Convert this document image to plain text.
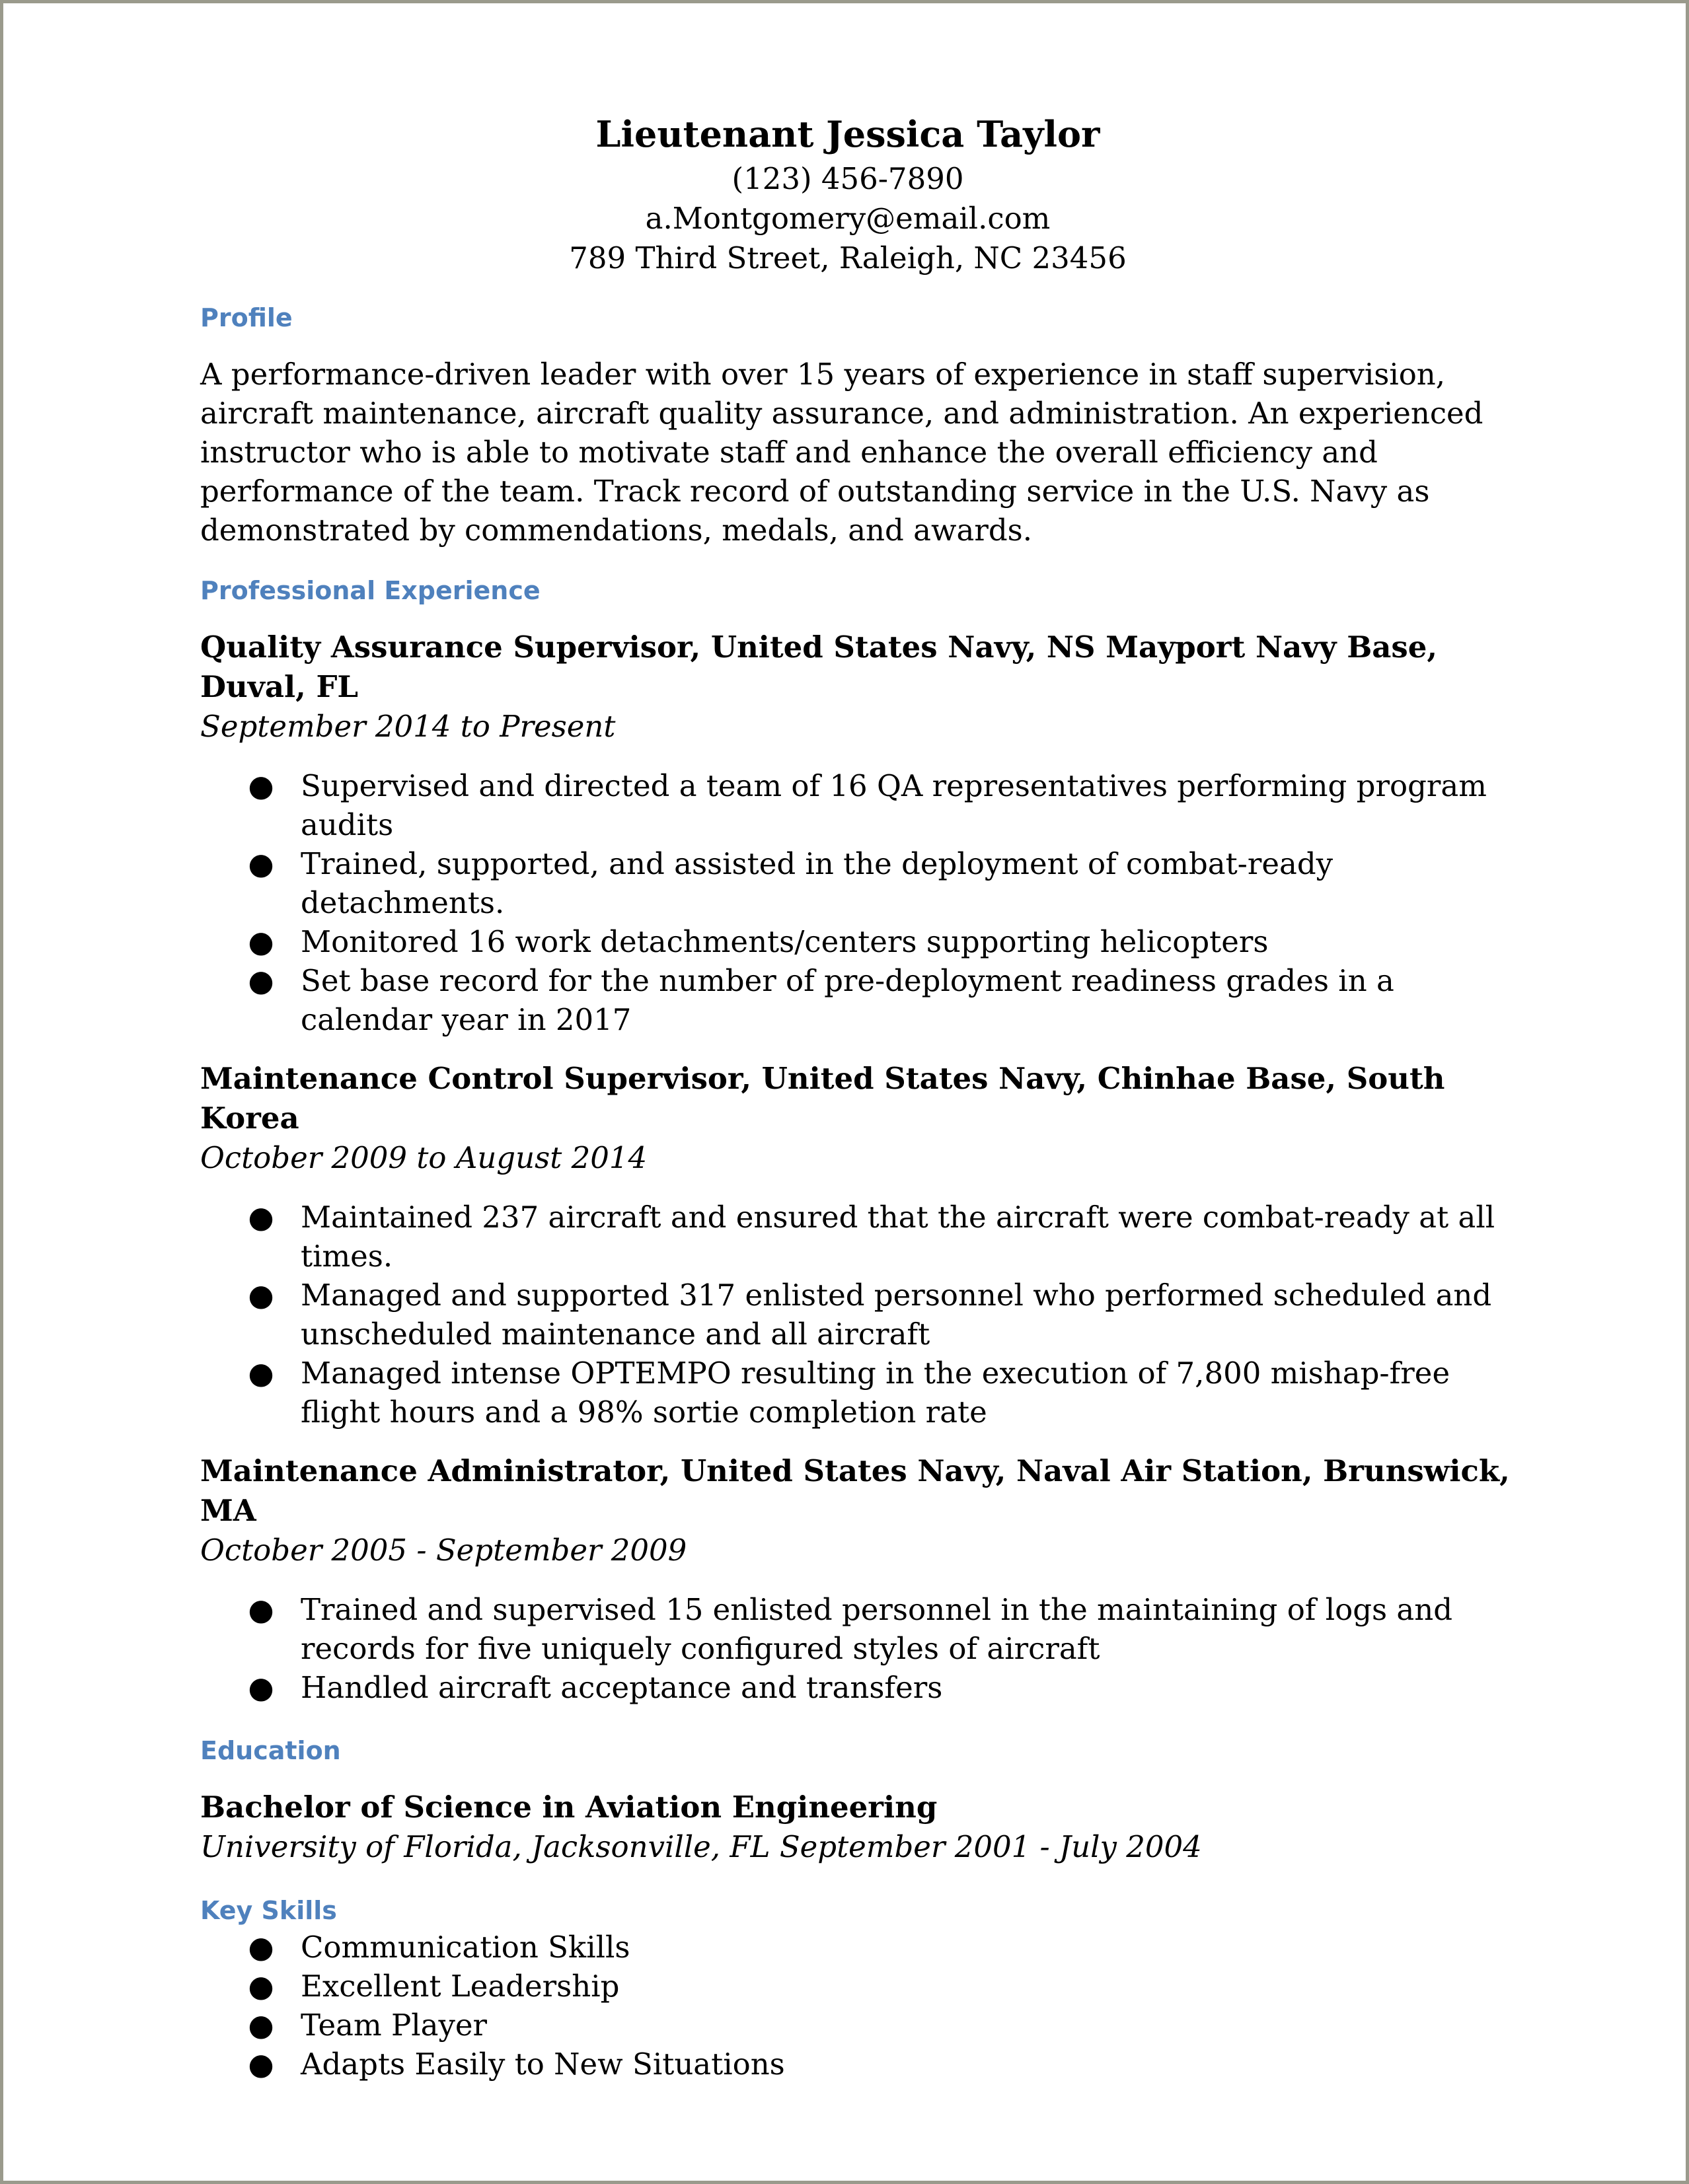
Lieutenant Jessica Taylor
(123) 456-7890
a.Montgomery@email.com
789 Third Street, Raleigh, NC 23456
Profile
A performance-driven leader with over 15 years of experience in staff supervision, aircraft maintenance, aircraft quality assurance, and administration. An experienced instructor who is able to motivate staff and enhance the overall efficiency and performance of the team. Track record of outstanding service in the U.S. Navy as demonstrated by commendations, medals, and awards.
Professional Experience
Quality Assurance Supervisor, United States Navy, NS Mayport Navy Base, Duval, FL
September 2014 to Present
● Supervised and directed a team of 16 QA representatives performing program audits
● Trained, supported, and assisted in the deployment of combat-ready detachments.
● Monitored 16 work detachments/centers supporting helicopters
● Set base record for the number of pre-deployment readiness grades in a calendar year in 2017
Maintenance Control Supervisor, United States Navy, Chinhae Base, South Korea
October 2009 to August 2014
● Maintained 237 aircraft and ensured that the aircraft were combat-ready at all times.
● Managed and supported 317 enlisted personnel who performed scheduled and unscheduled maintenance and all aircraft
● Managed intense OPTEMPO resulting in the execution of 7,800 mishap-free flight hours and a 98% sortie completion rate
Maintenance Administrator, United States Navy, Naval Air Station, Brunswick, MA
October 2005 - September 2009
● Trained and supervised 15 enlisted personnel in the maintaining of logs and records for five uniquely configured styles of aircraft
● Handled aircraft acceptance and transfers
Education
Bachelor of Science in Aviation Engineering
University of Florida, Jacksonville, FL September 2001 - July 2004
Key Skills
● Communication Skills
● Excellent Leadership
● Team Player
● Adapts Easily to New Situations
